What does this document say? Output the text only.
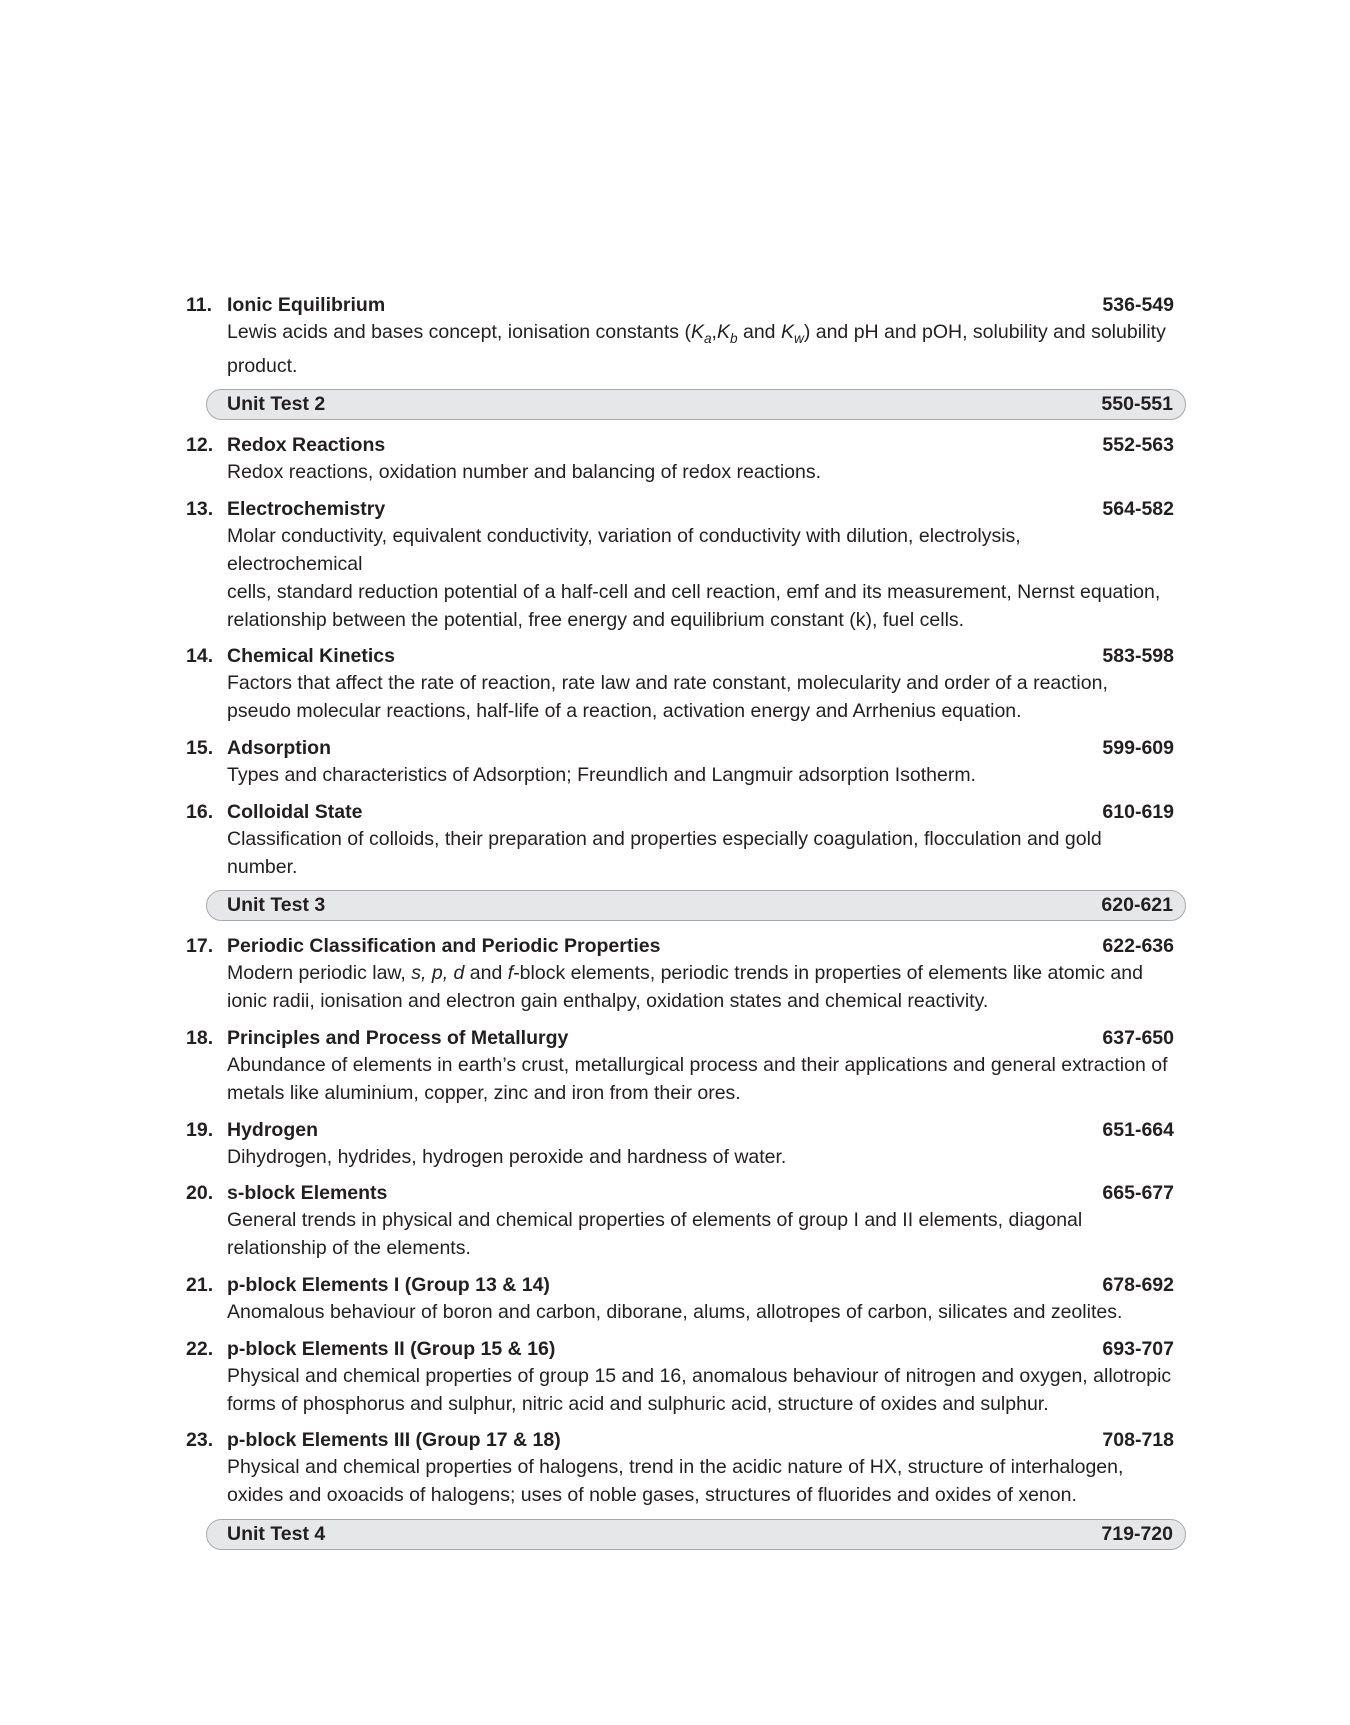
11. Ionic Equilibrium	536-549

Lewis acids and bases concept, ionisation constants ($K_a,K_b$ and $K_w$) and pH and pOH, solubility and solubility product.

Unit Test 2	550-551
12. Redox Reactions	552-563

Redox reactions, oxidation number and balancing of redox reactions.

13. Electrochemistry	564-582

Molar conductivity, equivalent conductivity, variation of conductivity with dilution, electrolysis, electrochemical

cells, standard reduction potential of a half-cell and cell reaction, emf and its measurement, Nernst equation, relationship between the potential, free energy and equilibrium constant (k), fuel cells.

14. Chemical Kinetics	583-598

Factors that affect the rate of reaction, rate law and rate constant, molecularity and order of a reaction, pseudo molecular reactions, half-life of a reaction, activation energy and Arrhenius equation.

15. Adsorption	599-609

Types and characteristics of Adsorption; Freundlich and Langmuir adsorption Isotherm.

16. Colloidal State	610-619

Classification of colloids, their preparation and properties especially coagulation, flocculation and gold number.

Unit Test 3	620-621
17. Periodic Classification and Periodic Properties	622-636

Modern periodic law, s, p, d and f-block elements, periodic trends in properties of elements like atomic and ionic radii, ionisation and electron gain enthalpy, oxidation states and chemical reactivity.

18. Principles and Process of Metallurgy	637-650

Abundance of elements in earth’s crust, metallurgical process and their applications and general extraction of metals like aluminium, copper, zinc and iron from their ores.

19. Hydrogen	651-664

Dihydrogen, hydrides, hydrogen peroxide and hardness of water.

20. s-block Elements	665-677

General trends in physical and chemical properties of elements of group I and II elements, diagonal relationship of the elements.

21. p-block Elements I (Group 13 & 14)	678-692

Anomalous behaviour of boron and carbon, diborane, alums, allotropes of carbon, silicates and zeolites.

22. p-block Elements II (Group 15 & 16)	693-707

Physical and chemical properties of group 15 and 16, anomalous behaviour of nitrogen and oxygen, allotropic forms of phosphorus and sulphur, nitric acid and sulphuric acid, structure of oxides and sulphur.

23. p-block Elements III (Group 17 & 18)	708-718

Physical and chemical properties of halogens, trend in the acidic nature of HX, structure of interhalogen, oxides and oxoacids of halogens; uses of noble gases, structures of fluorides and oxides of xenon.

Unit Test 4	719-720
